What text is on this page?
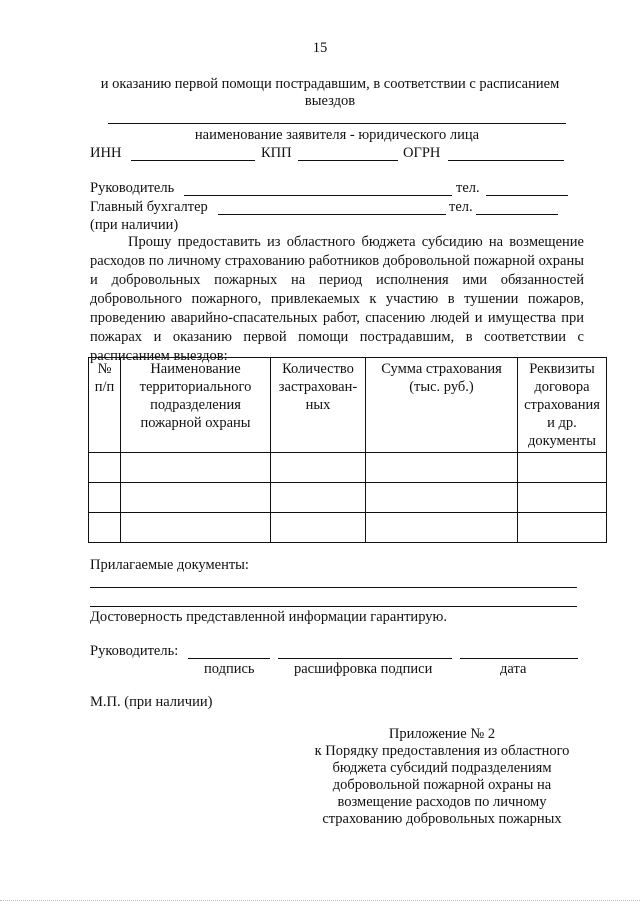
15
и оказанию первой помощи пострадавшим, в соответствии с расписанием
выездов
наименование заявителя - юридического лица
ИНН	КПП	ОГРН
Руководитель	тел.
Главный бухгалтер	тел.
(при наличии)
Прошу предоставить из областного бюджета субсидию на возмещение расходов по личному страхованию работников добровольной пожарной охраны и добровольных пожарных на период исполнения ими обязанностей добровольного пожарного, привлекаемых к участию в тушении пожаров, проведению аварийно-спасательных работ, спасению людей и имущества при пожарах и оказанию первой помощи пострадавшим, в соответствии с расписанием выездов:
№ п/п	Наименование территориального подразделения пожарной охраны	Количество застрахован-ных	Сумма страхования (тыс. руб.)	Реквизиты договора страхования и др. документы

Прилагаемые документы:
Достоверность представленной информации гарантирую.
Руководитель:
подпись	расшифровка подписи	дата
М.П. (при наличии)
Приложение № 2
к Порядку предоставления из областного
бюджета субсидий подразделениям
добровольной пожарной охраны на
возмещение расходов по личному
страхованию добровольных пожарных
